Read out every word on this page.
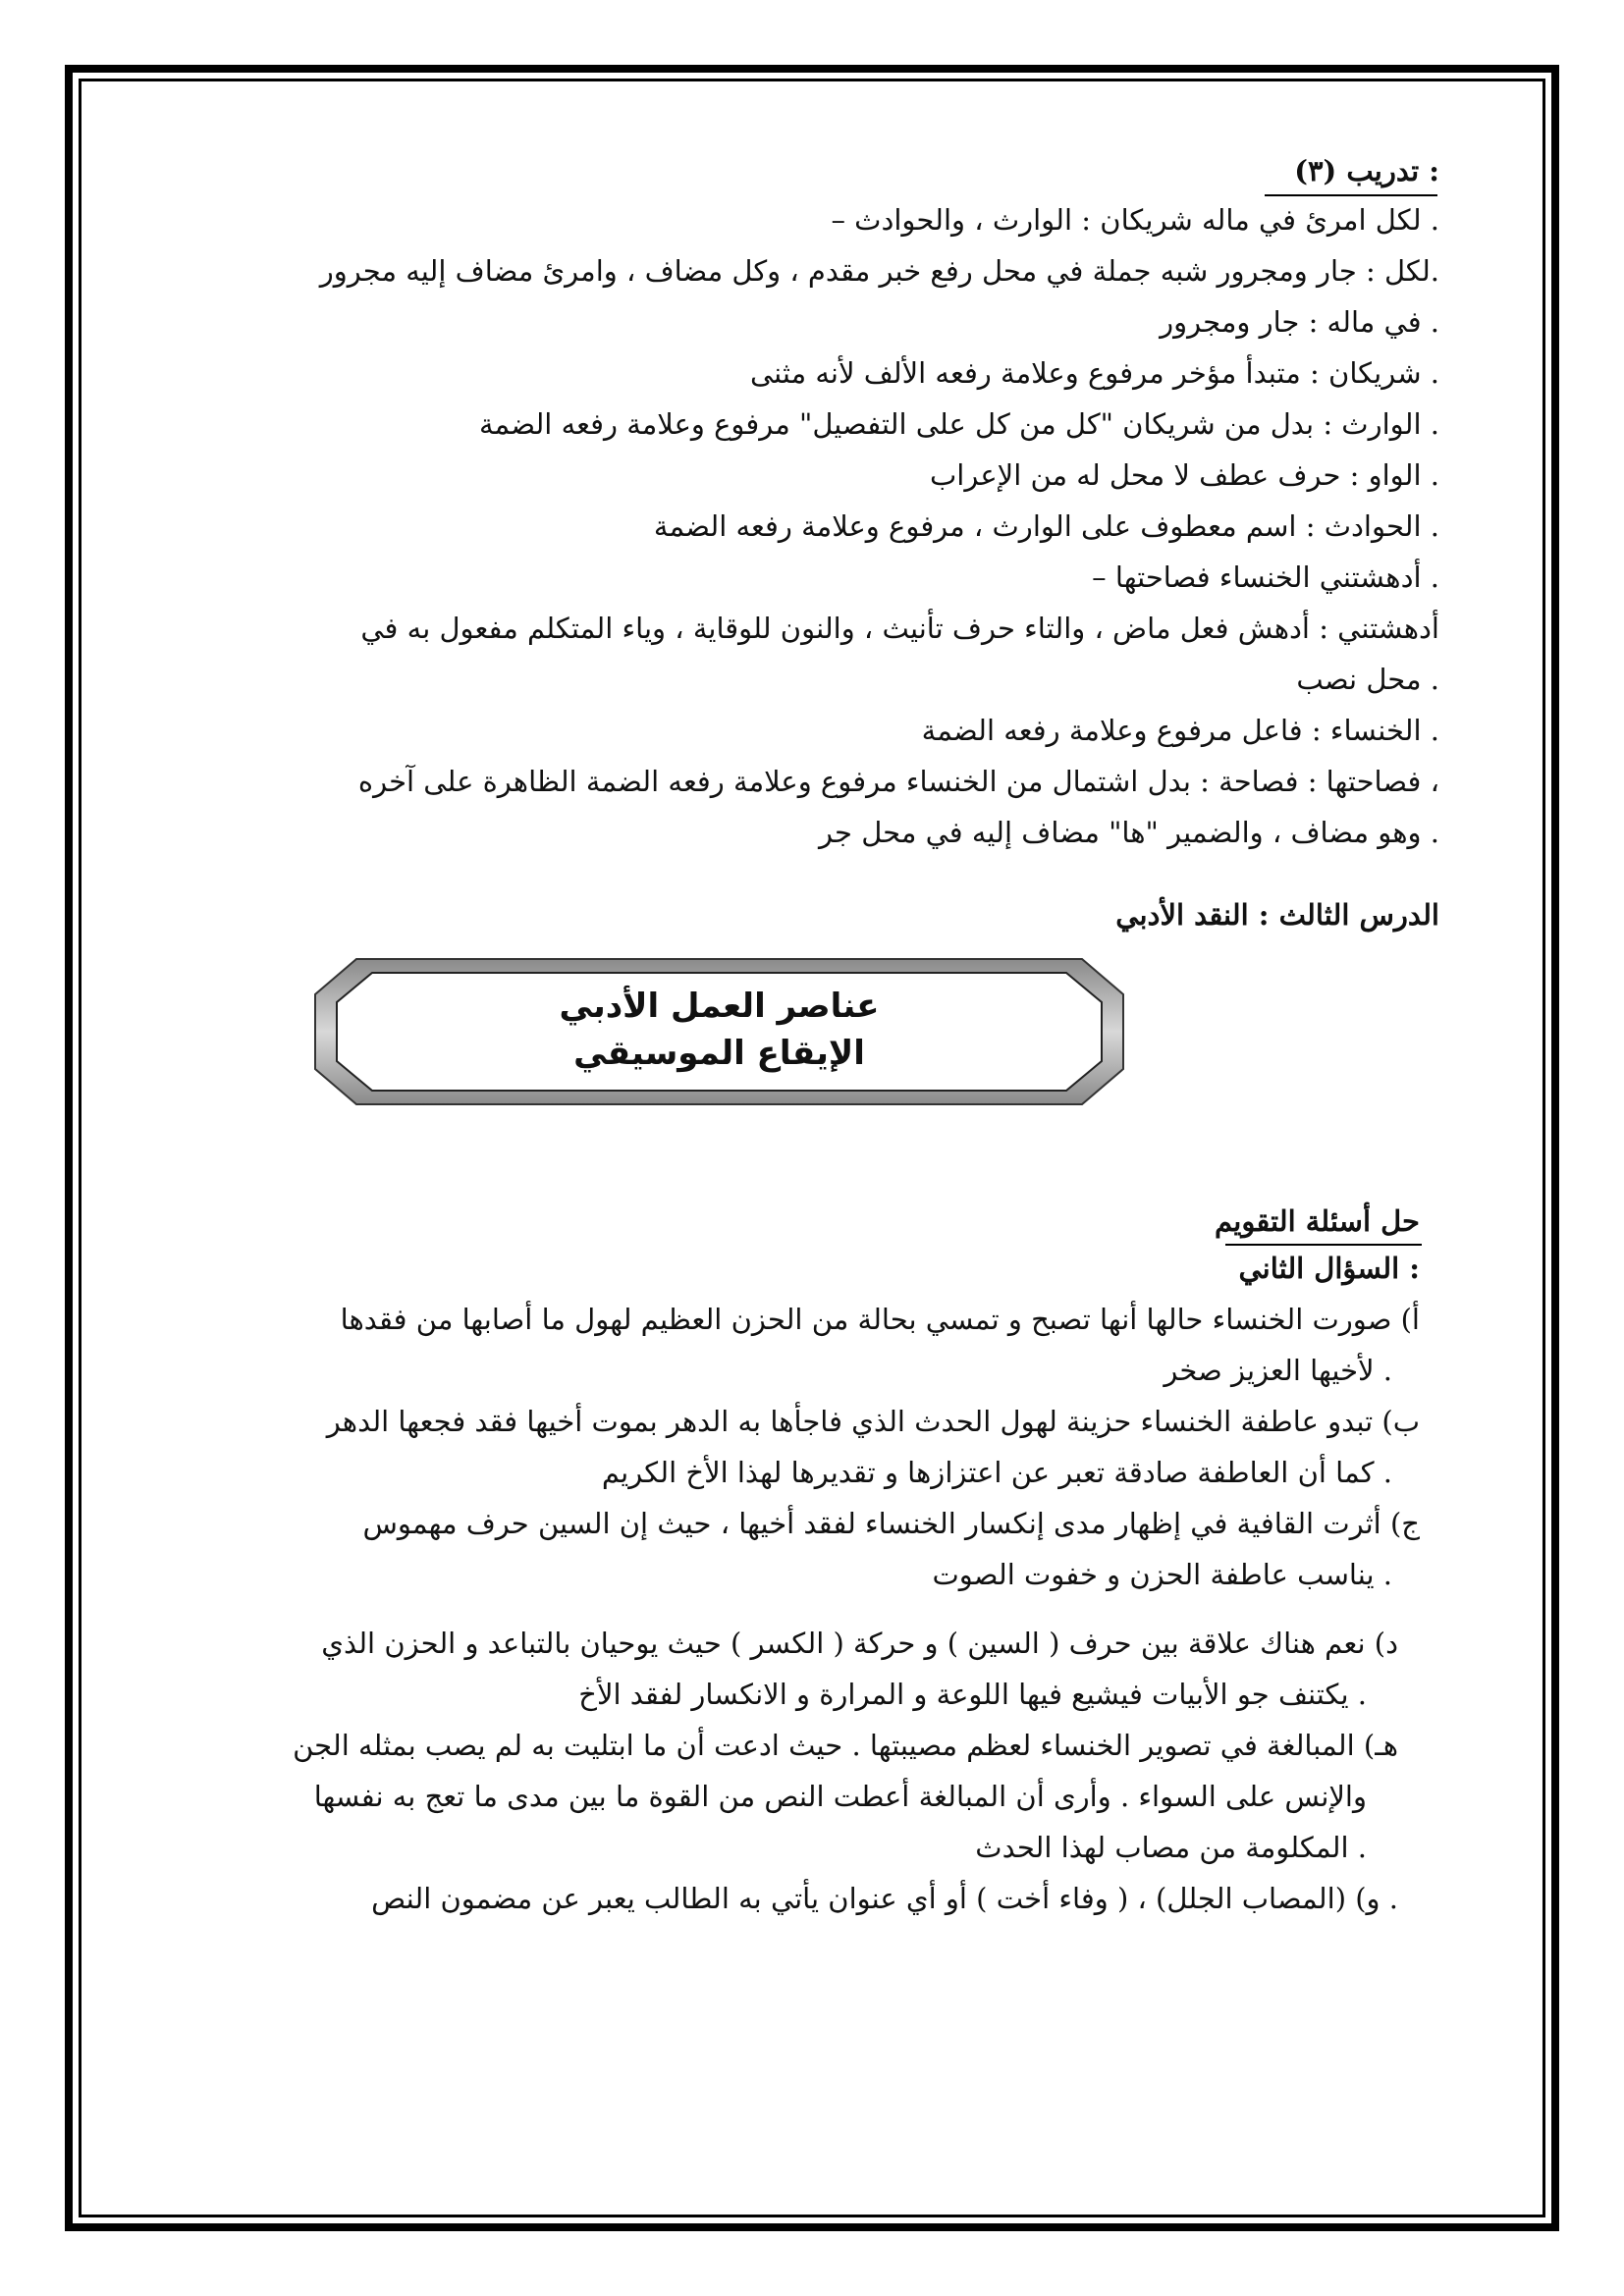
تدريب (٣) :
– لكل امرئ في ماله شريكان : الوارث ، والحوادث .
لكل : جار ومجرور شبه جملة في محل رفع خبر مقدم ، وكل مضاف ، وامرئ مضاف إليه مجرور.
في ماله : جار ومجرور .
شريكان : متبدأ مؤخر مرفوع وعلامة رفعه الألف لأنه مثنى .
الوارث : بدل من شريكان "كل من كل على التفصيل" مرفوع وعلامة رفعه الضمة .
الواو : حرف عطف لا محل له من الإعراب .
الحوادث : اسم معطوف على الوارث ، مرفوع وعلامة رفعه الضمة .
– أدهشتني الخنساء فصاحتها .
أدهشتني : أدهش فعل ماض ، والتاء حرف تأنيث ، والنون للوقاية ، وياء المتكلم مفعول به في
محل نصب .
الخنساء : فاعل مرفوع وعلامة رفعه الضمة .
فصاحتها : فصاحة : بدل اشتمال من الخنساء مرفوع وعلامة رفعه الضمة الظاهرة على آخره ،
وهو مضاف ، والضمير "ها" مضاف إليه في محل جر .
الدرس الثالث : النقد الأدبي
عناصر العمل الأدبي
الإيقاع الموسيقي
حل أسئلة التقويم
السؤال الثاني :
أ) صورت الخنساء حالها أنها تصبح و تمسي بحالة من الحزن العظيم لهول ما أصابها من فقدها
لأخيها العزيز صخر .
ب) تبدو عاطفة الخنساء حزينة لهول الحدث الذي فاجأها به الدهر بموت أخيها فقد فجعها الدهر
كما أن العاطفة صادقة تعبر عن اعتزازها و تقديرها لهذا الأخ الكريم .
ج) أثرت القافية في إظهار مدى إنكسار الخنساء لفقد أخيها ، حيث إن السين حرف مهموس
يناسب عاطفة الحزن و خفوت الصوت .
د) نعم هناك علاقة بين حرف ( السين ) و حركة ( الكسر ) حيث يوحيان بالتباعد و الحزن الذي
يكتنف جو الأبيات فيشيع فيها اللوعة و المرارة و الانكسار لفقد الأخ .
هـ) المبالغة في تصوير الخنساء لعظم مصيبتها . حيث ادعت أن ما ابتليت به لم يصب بمثله الجن
والإنس على السواء . وأرى أن المبالغة أعطت النص من القوة ما بين مدى ما تعج به نفسها
المكلومة من مصاب لهذا الحدث .
و) (المصاب الجلل) ، ( وفاء أخت ) أو أي عنوان يأتي به الطالب يعبر عن مضمون النص .
